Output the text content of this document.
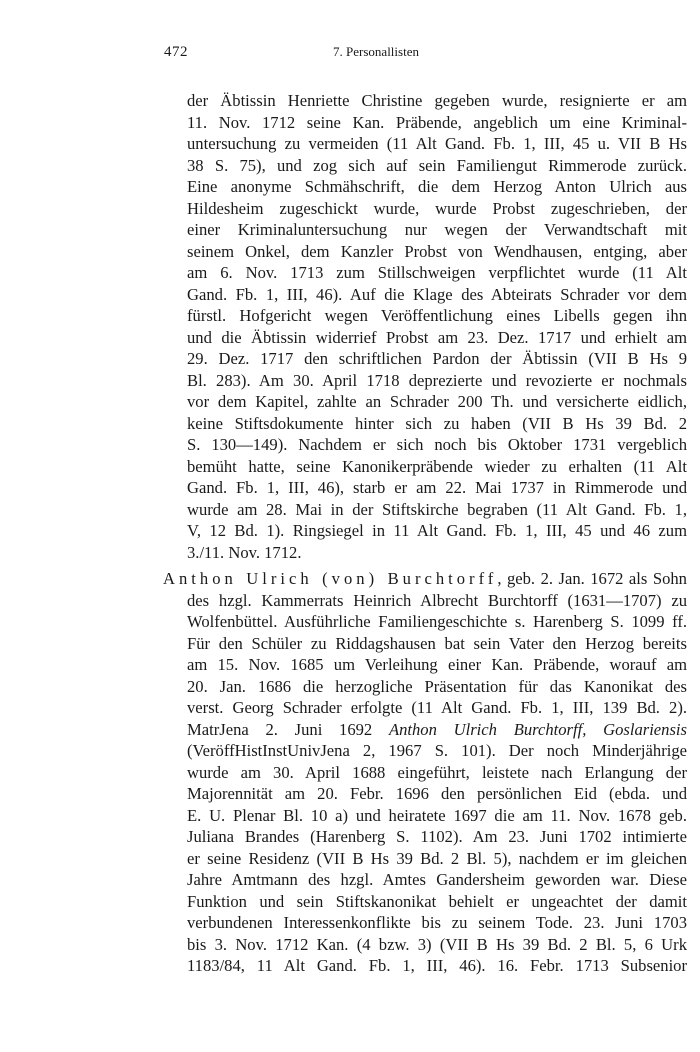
472	7. Personallisten
der Äbtissin Henriette Christine gegeben wurde, resignierte er am
11. Nov. 1712 seine Kan. Präbende, angeblich um eine Kriminal-
untersuchung zu vermeiden (11 Alt Gand. Fb. 1, III, 45 u. VII B Hs
38 S. 75), und zog sich auf sein Familiengut Rimmerode zurück.
Eine anonyme Schmähschrift, die dem Herzog Anton Ulrich aus
Hildesheim zugeschickt wurde, wurde Probst zugeschrieben, der
einer Kriminaluntersuchung nur wegen der Verwandtschaft mit
seinem Onkel, dem Kanzler Probst von Wendhausen, entging, aber
am 6. Nov. 1713 zum Stillschweigen verpflichtet wurde (11 Alt
Gand. Fb. 1, III, 46). Auf die Klage des Abteirats Schrader vor dem
fürstl. Hofgericht wegen Veröffentlichung eines Libells gegen ihn
und die Äbtissin widerrief Probst am 23. Dez. 1717 und erhielt am
29. Dez. 1717 den schriftlichen Pardon der Äbtissin (VII B Hs 9
Bl. 283). Am 30. April 1718 deprezierte und revozierte er nochmals
vor dem Kapitel, zahlte an Schrader 200 Th. und versicherte eidlich,
keine Stiftsdokumente hinter sich zu haben (VII B Hs 39 Bd. 2
S. 130—149). Nachdem er sich noch bis Oktober 1731 vergeblich
bemüht hatte, seine Kanonikerpräbende wieder zu erhalten (11 Alt
Gand. Fb. 1, III, 46), starb er am 22. Mai 1737 in Rimmerode und
wurde am 28. Mai in der Stiftskirche begraben (11 Alt Gand. Fb. 1,
V, 12 Bd. 1). Ringsiegel in 11 Alt Gand. Fb. 1, III, 45 und 46 zum
3./11. Nov. 1712.
Anthon Ulrich (von) Burchtorff, geb. 2. Jan. 1672 als Sohn
des hzgl. Kammerrats Heinrich Albrecht Burchtorff (1631—1707) zu
Wolfenbüttel. Ausführliche Familiengeschichte s. Harenberg S. 1099 ff.
Für den Schüler zu Riddagshausen bat sein Vater den Herzog bereits
am 15. Nov. 1685 um Verleihung einer Kan. Präbende, worauf am
20. Jan. 1686 die herzogliche Präsentation für das Kanonikat des
verst. Georg Schrader erfolgte (11 Alt Gand. Fb. 1, III, 139 Bd. 2).
MatrJena 2. Juni 1692 Anthon Ulrich Burchtorff, Goslariensis
(VeröffHistInstUnivJena 2, 1967 S. 101). Der noch Minderjährige
wurde am 30. April 1688 eingeführt, leistete nach Erlangung der
Majorennität am 20. Febr. 1696 den persönlichen Eid (ebda. und
E. U. Plenar Bl. 10 a) und heiratete 1697 die am 11. Nov. 1678 geb.
Juliana Brandes (Harenberg S. 1102). Am 23. Juni 1702 intimierte
er seine Residenz (VII B Hs 39 Bd. 2 Bl. 5), nachdem er im gleichen
Jahre Amtmann des hzgl. Amtes Gandersheim geworden war. Diese
Funktion und sein Stiftskanonikat behielt er ungeachtet der damit
verbundenen Interessenkonflikte bis zu seinem Tode. 23. Juni 1703
bis 3. Nov. 1712 Kan. (4 bzw. 3) (VII B Hs 39 Bd. 2 Bl. 5, 6 Urk
1183/84, 11 Alt Gand. Fb. 1, III, 46). 16. Febr. 1713 Subsenior
